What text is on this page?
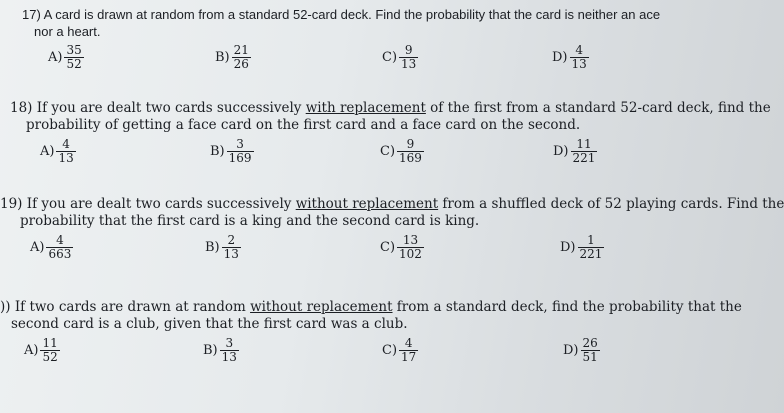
17) A card is drawn at random from a standard 52-card deck. Find the probability that the card is neither an ace
nor a heart.
$A) \frac{35}{52}$	$B) \frac{21}{26}$	$C) \frac{9}{13}$	$D) \frac{4}{13}$
18) If you are dealt two cards successively with replacement of the first from a standard 52-card deck, find the
probability of getting a face card on the first card and a face card on the second.
$A) \frac{4}{13}$	$B) \frac{3}{169}$	$C) \frac{9}{169}$	$D) \frac{11}{221}$
19) If you are dealt two cards successively without replacement from a shuffled deck of 52 playing cards. Find the
probability that the first card is a king and the second card is king.
$A) \frac{4}{663}$	$B) \frac{2}{13}$	$C) \frac{13}{102}$	$D) \frac{1}{221}$
)) If two cards are drawn at random without replacement from a standard deck, find the probability that the
second card is a club, given that the first card was a club.
$A) \frac{11}{52}$	$B) \frac{3}{13}$	$C) \frac{4}{17}$	$D) \frac{26}{51}$
